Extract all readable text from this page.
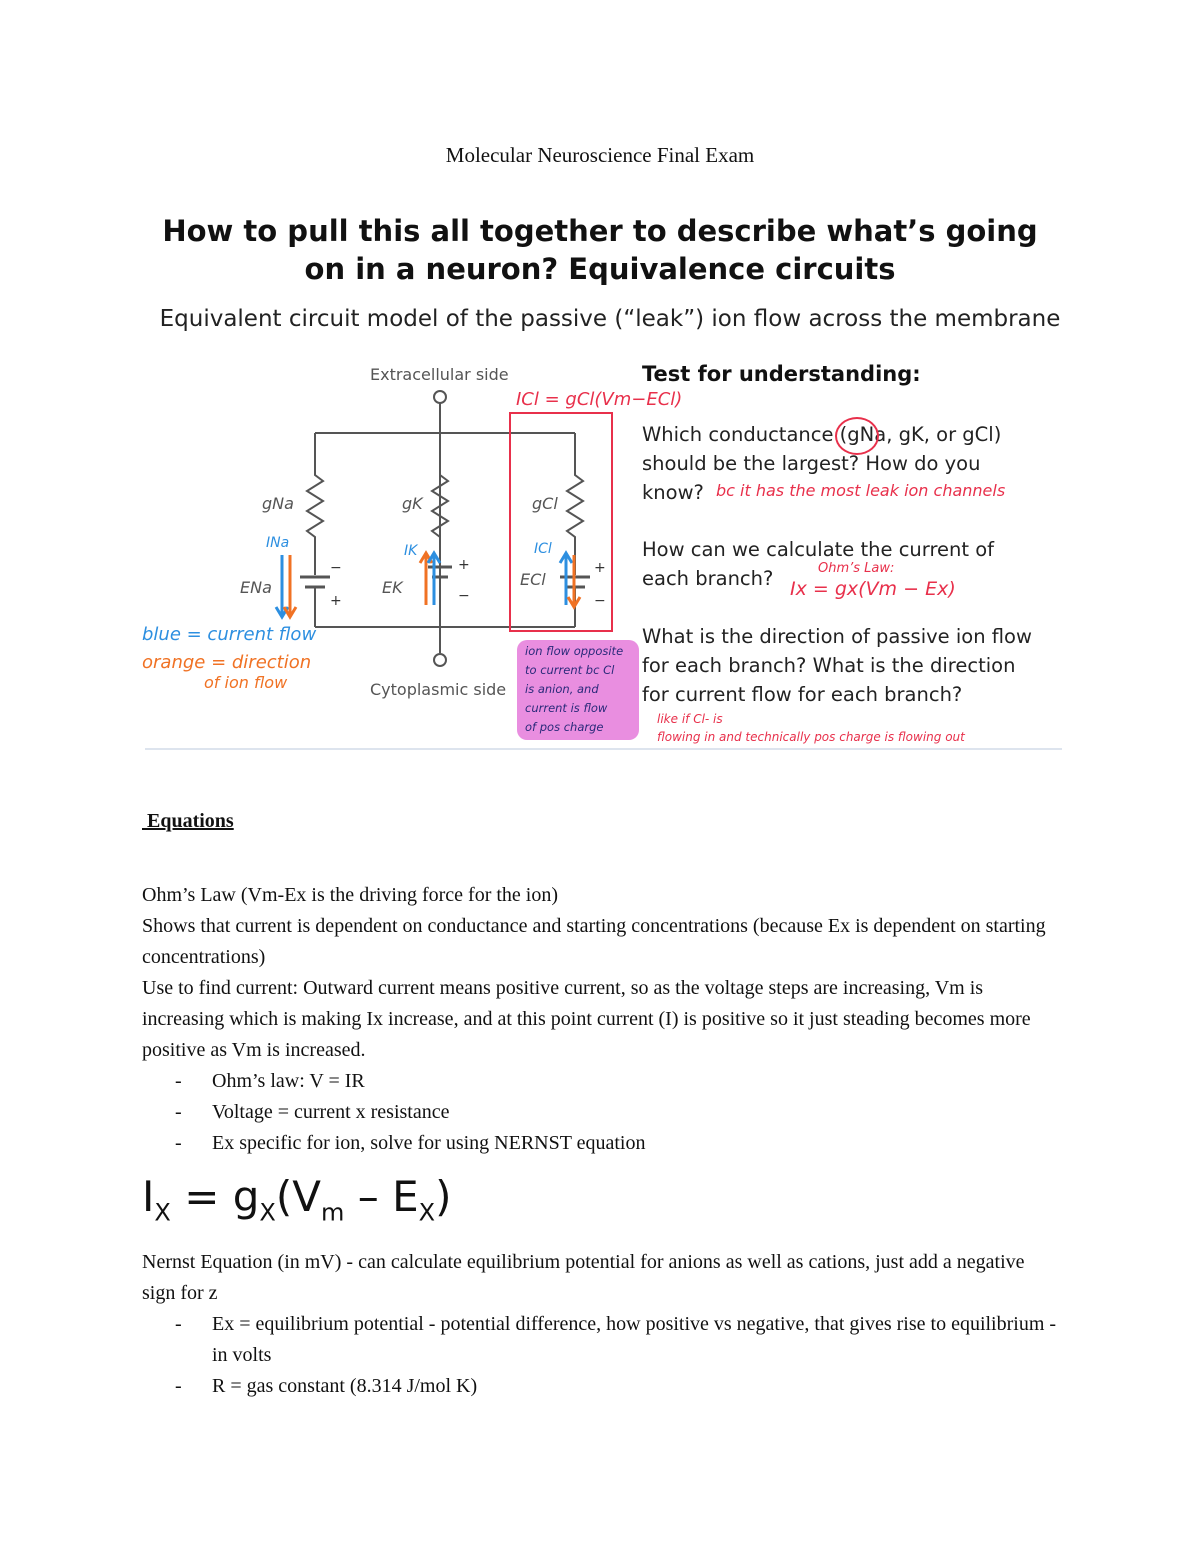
Molecular Neuroscience Final Exam
How to pull this all together to describe what’s going
on in a neuron? Equivalence circuits
Equivalent circuit model of the passive (“leak”) ion flow across the membrane
−
+
+
−
+
−
Extracellular side
Cytoplasmic side
gNa	gK	gCl
ENa	EK	ECl
INa	IK	ICl
ICl = gCl(Vm−ECl)
blue = current flow
orange = direction
of ion flow
ion flow opposite
to current bc Cl
is anion, and
current is flow
of pos charge
Test for understanding:
Which conductance (gNa, gK, or gCl)
should be the largest? How do you
know? bc it has the most leak ion channels
How can we calculate the current of
each branch?	Ohm’s Law:
Ix = gx(Vm − Ex)
What is the direction of passive ion flow
for each branch? What is the direction
for current flow for each branch?
like if Cl- is
flowing in and technically pos charge is flowing out
Equations
Ohm’s Law (Vm-Ex is the driving force for the ion)
Shows that current is dependent on conductance and starting concentrations (because Ex is dependent on starting concentrations)
Use to find current: Outward current means positive current, so as the voltage steps are increasing, Vm is increasing which is making Ix increase, and at this point current (I) is positive so it just steading becomes more positive as Vm is increased.
- Ohm’s law: V = IR
- Voltage = current x resistance
- Ex specific for ion, solve for using NERNST equation
$I_X = g_X(V_m - E_X)$
Nernst Equation (in mV) - can calculate equilibrium potential for anions as well as cations, just add a negative sign for z
- Ex = equilibrium potential - potential difference, how positive vs negative, that gives rise to equilibrium - in volts
- R = gas constant (8.314 J/mol K)
